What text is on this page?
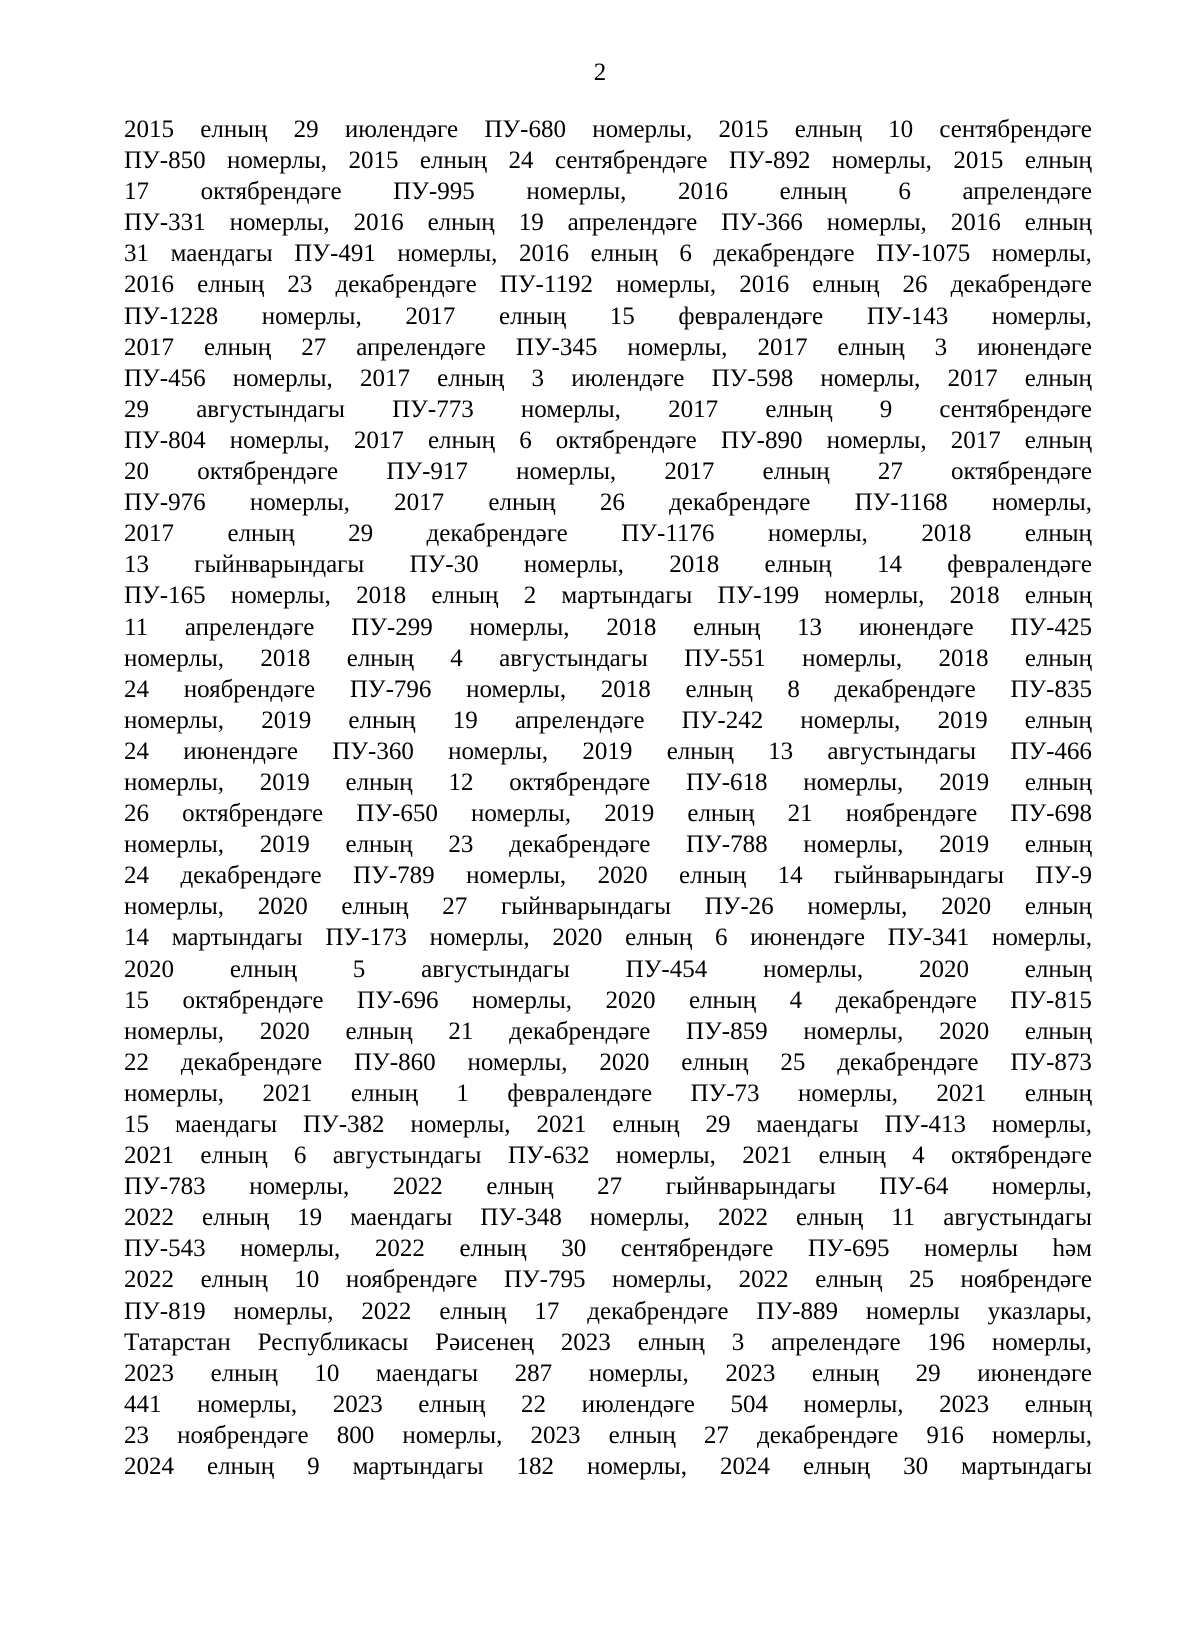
2
2015 елның 29 июлендәге ПУ-680 номерлы, 2015 елның 10 сентябрендәге
ПУ-850 номерлы, 2015 елның 24 сентябрендәге ПУ-892 номерлы, 2015 елның
17 октябрендәге ПУ-995 номерлы, 2016 елның 6 апрелендәге
ПУ-331 номерлы, 2016 елның 19 апрелендәге ПУ-366 номерлы, 2016 елның
31 маендагы ПУ-491 номерлы, 2016 елның 6 декабрендәге ПУ-1075 номерлы,
2016 елның 23 декабрендәге ПУ-1192 номерлы, 2016 елның 26 декабрендәге
ПУ-1228 номерлы, 2017 елның 15 февралендәге ПУ-143 номерлы,
2017 елның 27 апрелендәге ПУ-345 номерлы, 2017 елның 3 июнендәге
ПУ-456 номерлы, 2017 елның 3 июлендәге ПУ-598 номерлы, 2017 елның
29 августындагы ПУ-773 номерлы, 2017 елның 9 сентябрендәге
ПУ-804 номерлы, 2017 елның 6 октябрендәге ПУ-890 номерлы, 2017 елның
20 октябрендәге ПУ-917 номерлы, 2017 елның 27 октябрендәге
ПУ-976 номерлы, 2017 елның 26 декабрендәге ПУ-1168 номерлы,
2017 елның 29 декабрендәге ПУ-1176 номерлы, 2018 елның
13 гыйнварындагы ПУ-30 номерлы, 2018 елның 14 февралендәге
ПУ-165 номерлы, 2018 елның 2 мартындагы ПУ-199 номерлы, 2018 елның
11 апрелендәге ПУ-299 номерлы, 2018 елның 13 июнендәге ПУ-425
номерлы, 2018 елның 4 августындагы ПУ-551 номерлы, 2018 елның
24 ноябрендәге ПУ-796 номерлы, 2018 елның 8 декабрендәге ПУ-835
номерлы, 2019 елның 19 апрелендәге ПУ-242 номерлы, 2019 елның
24 июнендәге ПУ-360 номерлы, 2019 елның 13 августындагы ПУ-466
номерлы, 2019 елның 12 октябрендәге ПУ-618 номерлы, 2019 елның
26 октябрендәге ПУ-650 номерлы, 2019 елның 21 ноябрендәге ПУ-698
номерлы, 2019 елның 23 декабрендәге ПУ-788 номерлы, 2019 елның
24 декабрендәге ПУ-789 номерлы, 2020 елның 14 гыйнварындагы ПУ-9
номерлы, 2020 елның 27 гыйнварындагы ПУ-26 номерлы, 2020 елның
14 мартындагы ПУ-173 номерлы, 2020 елның 6 июнендәге ПУ-341 номерлы,
2020 елның 5 августындагы ПУ-454 номерлы, 2020 елның
15 октябрендәге ПУ-696 номерлы, 2020 елның 4 декабрендәге ПУ-815
номерлы, 2020 елның 21 декабрендәге ПУ-859 номерлы, 2020 елның
22 декабрендәге ПУ-860 номерлы, 2020 елның 25 декабрендәге ПУ-873
номерлы, 2021 елның 1 февралендәге ПУ-73 номерлы, 2021 елның
15 маендагы ПУ-382 номерлы, 2021 елның 29 маендагы ПУ-413 номерлы,
2021 елның 6 августындагы ПУ-632 номерлы, 2021 елның 4 октябрендәге
ПУ-783 номерлы, 2022 елның 27 гыйнварындагы ПУ-64 номерлы,
2022 елның 19 маендагы ПУ-348 номерлы, 2022 елның 11 августындагы
ПУ-543 номерлы, 2022 елның 30 сентябрендәге ПУ-695 номерлы һәм
2022 елның 10 ноябрендәге ПУ-795 номерлы, 2022 елның 25 ноябрендәге
ПУ-819 номерлы, 2022 елның 17 декабрендәге ПУ-889 номерлы указлары,
Татарстан Республикасы Рәисенең 2023 елның 3 апрелендәге 196 номерлы,
2023 елның 10 маендагы 287 номерлы, 2023 елның 29 июнендәге
441 номерлы, 2023 елның 22 июлендәге 504 номерлы, 2023 елның
23 ноябрендәге 800 номерлы, 2023 елның 27 декабрендәге 916 номерлы,
2024 елның 9 мартындагы 182 номерлы, 2024 елның 30 мартындагы
